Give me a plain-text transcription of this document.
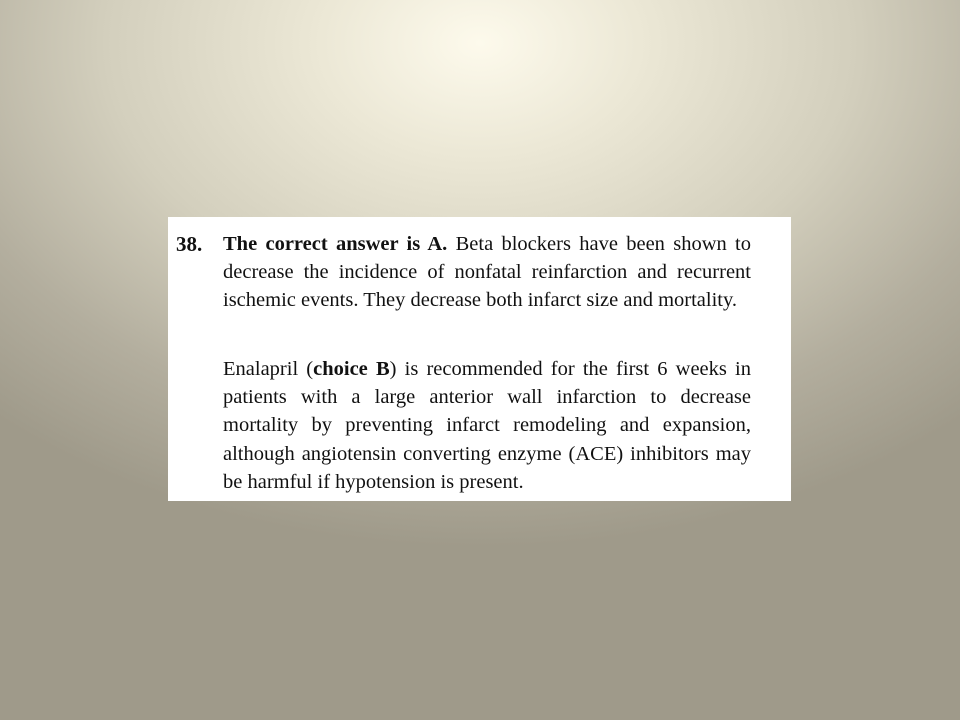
38. The correct answer is A. Beta blockers have been shown to decrease the incidence of nonfatal reinfarction and recurrent ischemic events. They decrease both infarct size and mortality.

Enalapril (choice B) is recommended for the first 6 weeks in patients with a large anterior wall infarction to decrease mortality by preventing infarct remodeling and expansion, although angiotensin converting enzyme (ACE) inhibitors may be harmful if hypotension is present.
